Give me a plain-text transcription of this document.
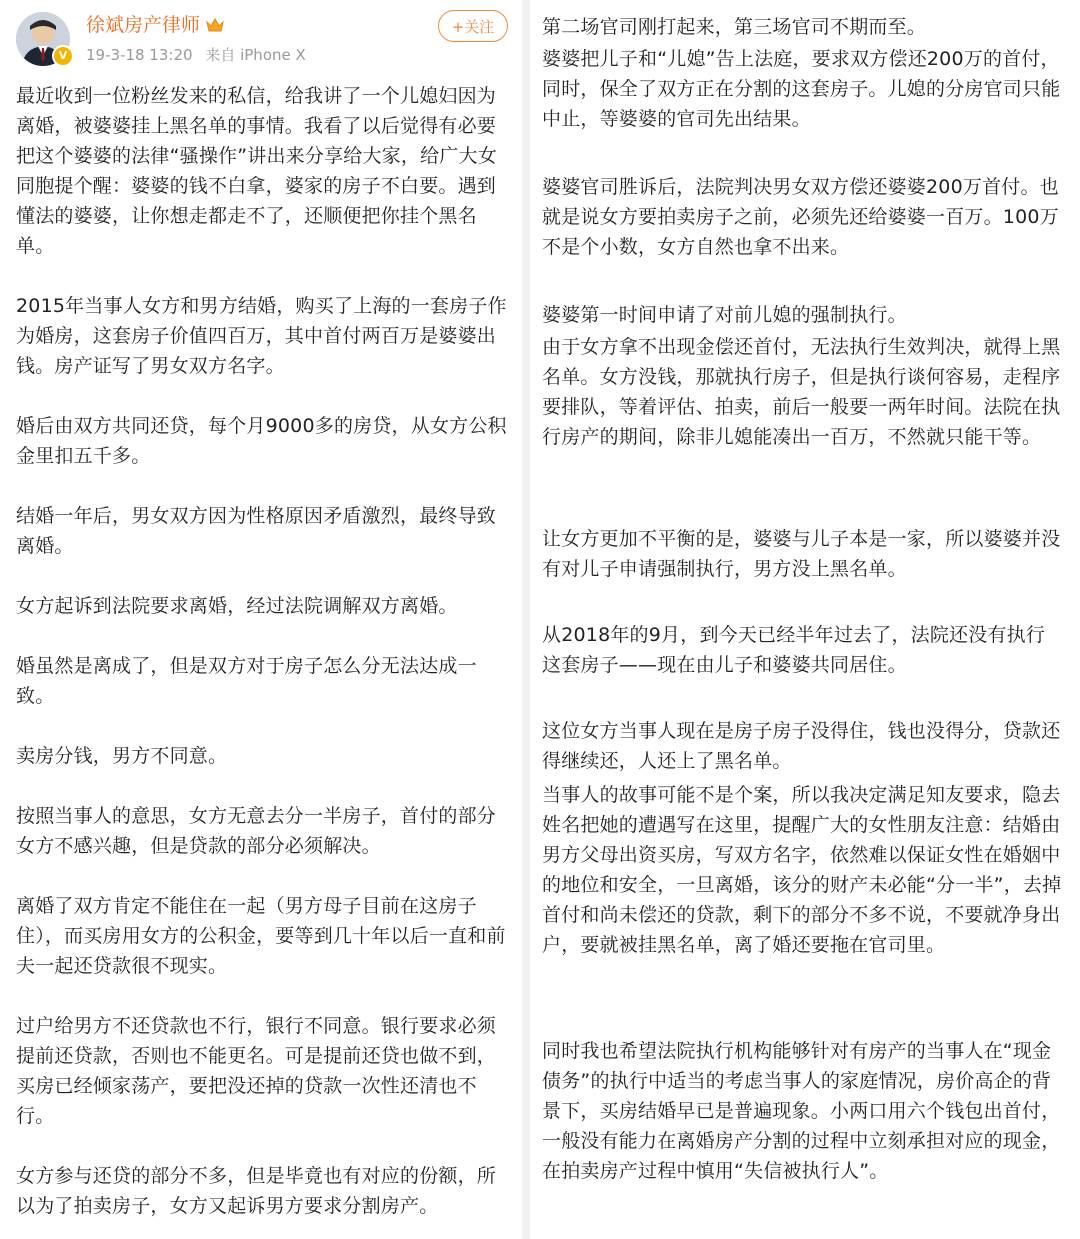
V
徐斌房产律师
19-3-18 13:20 来自 iPhone X
+关注

最近收到一位粉丝发来的私信，给我讲了一个儿媳妇因为离婚，被婆婆挂上黑名单的事情。我看了以后觉得有必要把这个婆婆的法律“骚操作”讲出来分享给大家，给广大女同胞提个醒：婆婆的钱不白拿，婆家的房子不白要。遇到懂法的婆婆，让你想走都走不了，还顺便把你挂个黑名单。

2015年当事人女方和男方结婚，购买了上海的一套房子作为婚房，这套房子价值四百万，其中首付两百万是婆婆出钱。房产证写了男女双方名字。

婚后由双方共同还贷，每个月9000多的房贷，从女方公积金里扣五千多。

结婚一年后，男女双方因为性格原因矛盾激烈，最终导致离婚。

女方起诉到法院要求离婚，经过法院调解双方离婚。

婚虽然是离成了，但是双方对于房子怎么分无法达成一致。

卖房分钱，男方不同意。

按照当事人的意思，女方无意去分一半房子，首付的部分女方不感兴趣，但是贷款的部分必须解决。

离婚了双方肯定不能住在一起（男方母子目前在这房子住），而买房用女方的公积金，要等到几十年以后一直和前夫一起还贷款很不现实。

过户给男方不还贷款也不行，银行不同意。银行要求必须提前还贷款，否则也不能更名。可是提前还贷也做不到，买房已经倾家荡产，要把没还掉的贷款一次性还清也不行。

女方参与还贷的部分不多，但是毕竟也有对应的份额，所以为了拍卖房子，女方又起诉男方要求分割房产。

第二场官司刚打起来，第三场官司不期而至。

婆婆把儿子和“儿媳”告上法庭，要求双方偿还200万的首付，同时，保全了双方正在分割的这套房子。儿媳的分房官司只能中止，等婆婆的官司先出结果。

婆婆官司胜诉后，法院判决男女双方偿还婆婆200万首付。也就是说女方要拍卖房子之前，必须先还给婆婆一百万。100万不是个小数，女方自然也拿不出来。

婆婆第一时间申请了对前儿媳的强制执行。

由于女方拿不出现金偿还首付，无法执行生效判决，就得上黑名单。女方没钱，那就执行房子，但是执行谈何容易，走程序要排队，等着评估、拍卖，前后一般要一两年时间。法院在执行房产的期间，除非儿媳能凑出一百万，不然就只能干等。

让女方更加不平衡的是，婆婆与儿子本是一家，所以婆婆并没有对儿子申请强制执行，男方没上黑名单。

从2018年的9月，到今天已经半年过去了，法院还没有执行这套房子——现在由儿子和婆婆共同居住。

这位女方当事人现在是房子房子没得住，钱也没得分，贷款还得继续还，人还上了黑名单。

当事人的故事可能不是个案，所以我决定满足知友要求，隐去姓名把她的遭遇写在这里，提醒广大的女性朋友注意：结婚由男方父母出资买房，写双方名字，依然难以保证女性在婚姻中的地位和安全，一旦离婚，该分的财产未必能“分一半”，去掉首付和尚未偿还的贷款，剩下的部分不多不说，不要就净身出户，要就被挂黑名单，离了婚还要拖在官司里。

同时我也希望法院执行机构能够针对有房产的当事人在“现金债务”的执行中适当的考虑当事人的家庭情况，房价高企的背景下，买房结婚早已是普遍现象。小两口用六个钱包出首付，一般没有能力在离婚房产分割的过程中立刻承担对应的现金，在拍卖房产过程中慎用“失信被执行人”。
